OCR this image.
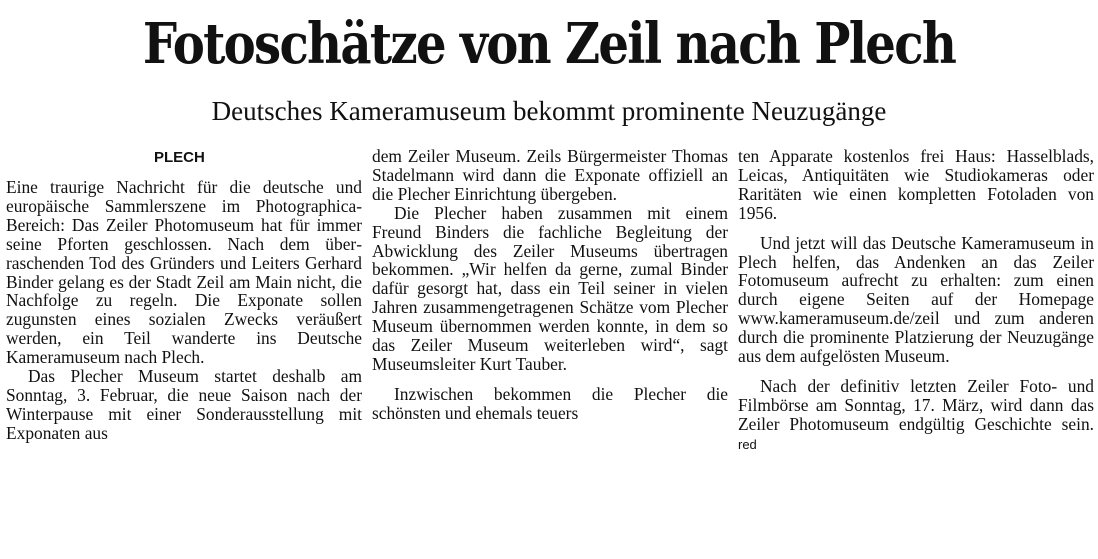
Fotoschätze von Zeil nach Plech
Deutsches Kameramuseum bekommt prominente Neuzugänge
PLECH

Eine traurige Nachricht für die deutsche und europäische Sammlerszene im Photographica-Bereich: Das Zeiler Photomuseum hat für immer seine Pforten geschlossen. Nach dem überraschenden Tod des Gründers und Leiters Gerhard Binder gelang es der Stadt Zeil am Main nicht, die Nachfolge zu regeln. Die Exponate sollen zugunsten eines sozialen Zwecks veräußert werden, ein Teil wanderte ins Deutsche Kameramuseum nach Plech.

Das Plecher Museum startet deshalb am Sonntag, 3. Februar, die neue Saison nach der Winterpause mit einer Sonderausstellung mit Exponaten aus

dem Zeiler Museum. Zeils Bürgermeister Thomas Stadelmann wird dann die Exponate offiziell an die Plecher Einrichtung übergeben.

Die Plecher haben zusammen mit einem Freund Binders die fachliche Begleitung der Abwicklung des Zeiler Museums übertragen bekommen. „Wir helfen da gerne, zumal Binder dafür gesorgt hat, dass ein Teil seiner in vielen Jahren zusammengetragenen Schätze vom Plecher Museum übernommen werden konnte, in dem so das Zeiler Museum weiterleben wird“, sagt Museumsleiter Kurt Tauber.

Inzwischen bekommen die Plecher die schönsten und ehemals teuers

ten Apparate kostenlos frei Haus: Hasselblads, Leicas, Antiquitäten wie Studiokameras oder Raritäten wie einen kompletten Fotoladen von 1956.

Und jetzt will das Deutsche Kameramuseum in Plech helfen, das Andenken an das Zeiler Fotomuseum aufrecht zu erhalten: zum einen durch eigene Seiten auf der Homepage www.kameramuseum.de/zeil und zum anderen durch die prominente Platzierung der Neuzugänge aus dem aufgelösten Museum.

Nach der definitiv letzten Zeiler Foto- und Filmbörse am Sonntag, 17. März, wird dann das Zeiler Photomuseum endgültig Geschichte sein. red
